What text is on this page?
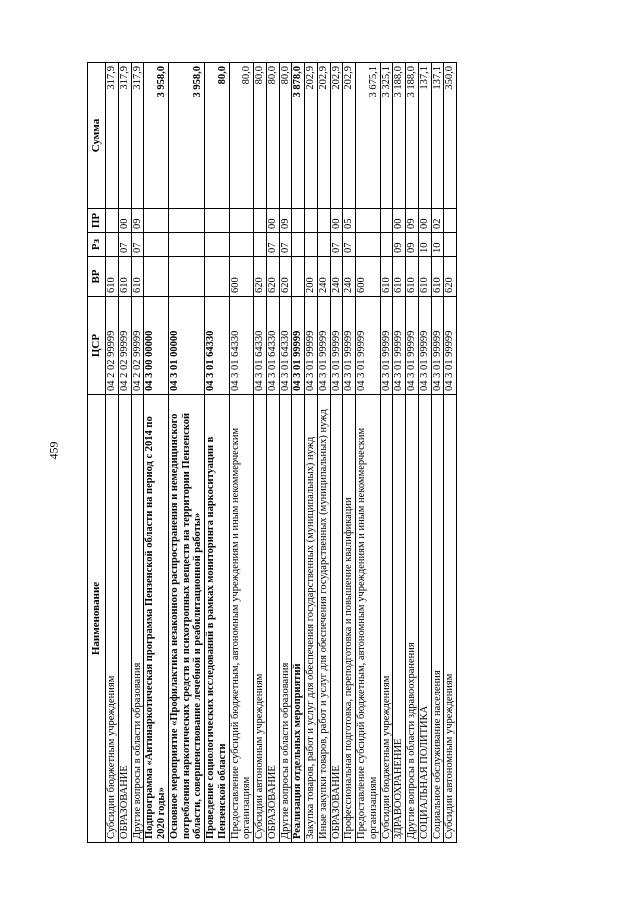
459
Наименование	ЦСР	ВР	Рз	ПР	Сумма
Субсидии бюджетным учреждениям	04 2 02 99999	610			317,9
ОБРАЗОВАНИЕ	04 2 02 99999	610	07	00	317,9
Другие вопросы в области образования	04 2 02 99999	610	07	09	317,9
Подпрограмма «Антинаркотическая программа Пензенской области на период с 2014 по 2020 годы»	04 3 00 00000				3 958,0
Основное мероприятие «Профилактика незаконного распространения и немедицинского потребления наркотических средств и психотропных веществ на территории Пензенской области, совершенствование лечебной и реабилитационной работы»	04 3 01 00000				3 958,0
Проведение социологических исследований в рамках мониторинга наркоситуации в Пензенской области	04 3 01 64330				80,0
Предоставление субсидий бюджетным, автономным учреждениям и иным некоммерческим организациям	04 3 01 64330	600			80,0
Субсидии автономным учреждениям	04 3 01 64330	620			80,0
ОБРАЗОВАНИЕ	04 3 01 64330	620	07	00	80,0
Другие вопросы в области образования	04 3 01 64330	620	07	09	80,0
Реализация отдельных мероприятий	04 3 01 99999				3 878,0
Закупка товаров, работ и услуг для обеспечения государственных (муниципальных) нужд	04 3 01 99999	200			202,9
Иные закупки товаров, работ и услуг для обеспечения государственных (муниципальных) нужд	04 3 01 99999	240			202,9
ОБРАЗОВАНИЕ	04 3 01 99999	240	07	00	202,9
Профессиональная подготовка, переподготовка и повышение квалификации	04 3 01 99999	240	07	05	202,9
Предоставление субсидий бюджетным, автономным учреждениям и иным некоммерческим организациям	04 3 01 99999	600			3 675,1
Субсидии бюджетным учреждениям	04 3 01 99999	610			3 325,1
ЗДРАВООХРАНЕНИЕ	04 3 01 99999	610	09	00	3 188,0
Другие вопросы в области здравоохранения	04 3 01 99999	610	09	09	3 188,0
СОЦИАЛЬНАЯ ПОЛИТИКА	04 3 01 99999	610	10	00	137,1
Социальное обслуживание населения	04 3 01 99999	610	10	02	137,1
Субсидии автономным учреждениям	04 3 01 99999	620			350,0
